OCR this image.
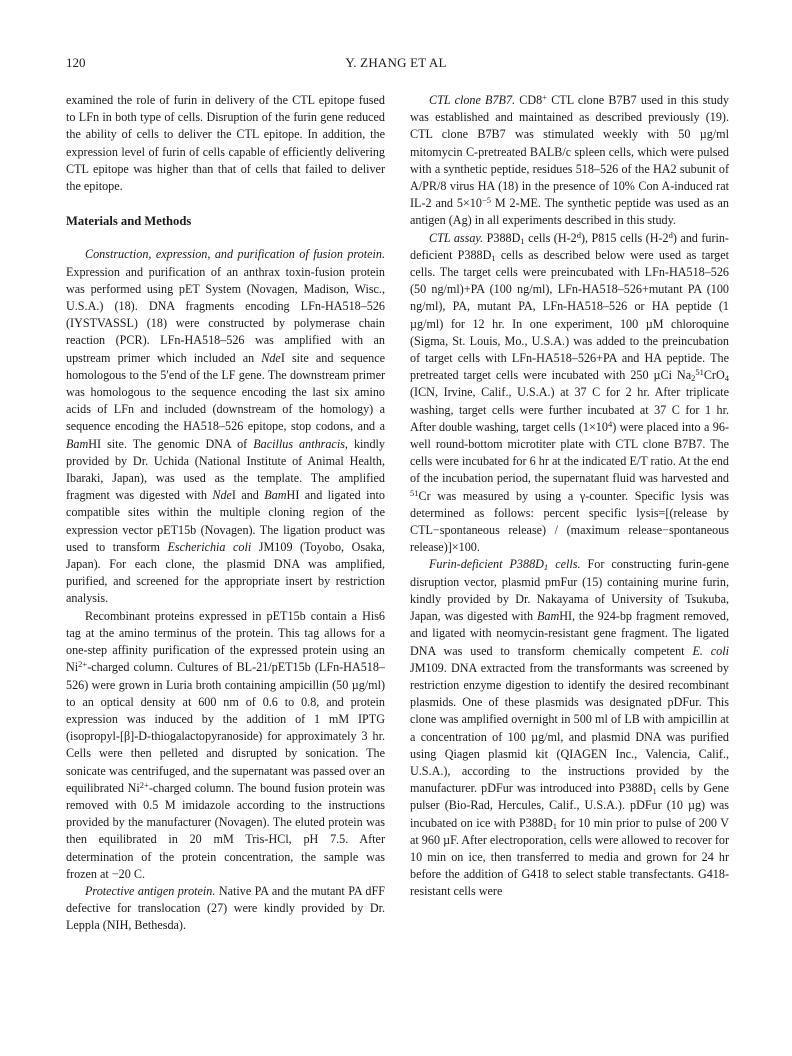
120	Y. ZHANG ET AL

examined the role of furin in delivery of the CTL epitope fused to LFn in both type of cells. Disruption of the furin gene reduced the ability of cells to deliver the CTL epitope. In addition, the expression level of furin of cells capable of efficiently delivering CTL epitope was higher than that of cells that failed to deliver the epitope.

Materials and Methods

Construction, expression, and purification of fusion protein. Expression and purification of an anthrax toxin-fusion protein was performed using pET System (Novagen, Madison, Wisc., U.S.A.) (18). DNA fragments encoding LFn-HA518–526 (IYSTVASSL) (18) were constructed by polymerase chain reaction (PCR). LFn-HA518–526 was amplified with an upstream primer which included an NdeI site and sequence homologous to the 5′end of the LF gene. The downstream primer was homologous to the sequence encoding the last six amino acids of LFn and included (downstream of the homology) a sequence encoding the HA518–526 epitope, stop codons, and a BamHI site. The genomic DNA of Bacillus anthracis, kindly provided by Dr. Uchida (National Institute of Animal Health, Ibaraki, Japan), was used as the template. The amplified fragment was digested with NdeI and BamHI and ligated into compatible sites within the multiple cloning region of the expression vector pET15b (Novagen). The ligation product was used to transform Escherichia coli JM109 (Toyobo, Osaka, Japan). For each clone, the plasmid DNA was amplified, purified, and screened for the appropriate insert by restriction analysis.

Recombinant proteins expressed in pET15b contain a His6 tag at the amino terminus of the protein. This tag allows for a one-step affinity purification of the expressed protein using an $Ni^{2+}$-charged column. Cultures of BL-21/pET15b (LFn-HA518–526) were grown in Luria broth containing ampicillin (50 µg/ml) to an optical density at 600 nm of 0.6 to 0.8, and protein expression was induced by the addition of 1 mM IPTG (isopropyl-[β]-D-thiogalactopyranoside) for approximately 3 hr. Cells were then pelleted and disrupted by sonication. The sonicate was centrifuged, and the supernatant was passed over an equilibrated $Ni^{2+}$-charged column. The bound fusion protein was removed with 0.5 M imidazole according to the instructions provided by the manufacturer (Novagen). The eluted protein was then equilibrated in 20 mM Tris-HCl, pH 7.5. After determination of the protein concentration, the sample was frozen at −20 C.

Protective antigen protein. Native PA and the mutant PA dFF defective for translocation (27) were kindly provided by Dr. Leppla (NIH, Bethesda).

CTL clone B7B7. CD8+ CTL clone B7B7 used in this study was established and maintained as described previously (19). CTL clone B7B7 was stimulated weekly with 50 µg/ml mitomycin C-pretreated BALB/c spleen cells, which were pulsed with a synthetic peptide, residues 518–526 of the HA2 subunit of A/PR/8 virus HA (18) in the presence of 10% Con A-induced rat IL-2 and $5\times 10^{-5}$ M 2-ME. The synthetic peptide was used as an antigen (Ag) in all experiments described in this study.

CTL assay. $P388D_1$ cells (H-2$^d$), P815 cells (H-2$^d$) and furin-deficient $P388D_1$ cells as described below were used as target cells. The target cells were preincubated with LFn-HA518–526 (50 ng/ml)+PA (100 ng/ml), LFn-HA518–526+mutant PA (100 ng/ml), PA, mutant PA, LFn-HA518–526 or HA peptide (1 µg/ml) for 12 hr. In one experiment, 100 µM chloroquine (Sigma, St. Louis, Mo., U.S.A.) was added to the preincubation of target cells with LFn-HA518–526+PA and HA peptide. The pretreated target cells were incubated with 250 µCi $Na_2^{51}CrO_4$ (ICN, Irvine, Calif., U.S.A.) at 37 C for 2 hr. After triplicate washing, target cells were further incubated at 37 C for 1 hr. After double washing, target cells $(1\times 10^4)$ were placed into a 96-well round-bottom microtiter plate with CTL clone B7B7. The cells were incubated for 6 hr at the indicated E/T ratio. At the end of the incubation period, the supernatant fluid was harvested and $^{51}$Cr was measured by using a γ-counter. Specific lysis was determined as follows: percent specific lysis=[(release by CTL−spontaneous release) / (maximum release−spontaneous release)]×100.

Furin-deficient $P388D_1$ cells. For constructing furin-gene disruption vector, plasmid pmFur (15) containing murine furin, kindly provided by Dr. Nakayama of University of Tsukuba, Japan, was digested with BamHI, the 924-bp fragment removed, and ligated with neomycin-resistant gene fragment. The ligated DNA was used to transform chemically competent E. coli JM109. DNA extracted from the transformants was screened by restriction enzyme digestion to identify the desired recombinant plasmids. One of these plasmids was designated pDFur. This clone was amplified overnight in 500 ml of LB with ampicillin at a concentration of 100 µg/ml, and plasmid DNA was purified using Qiagen plasmid kit (QIAGEN Inc., Valencia, Calif., U.S.A.), according to the instructions provided by the manufacturer. pDFur was introduced into $P388D_1$ cells by Gene pulser (Bio-Rad, Hercules, Calif., U.S.A.). pDFur (10 µg) was incubated on ice with $P388D_1$ for 10 min prior to pulse of 200 V at 960 µF. After electroporation, cells were allowed to recover for 10 min on ice, then transferred to media and grown for 24 hr before the addition of G418 to select stable transfectants. G418-resistant cells were
